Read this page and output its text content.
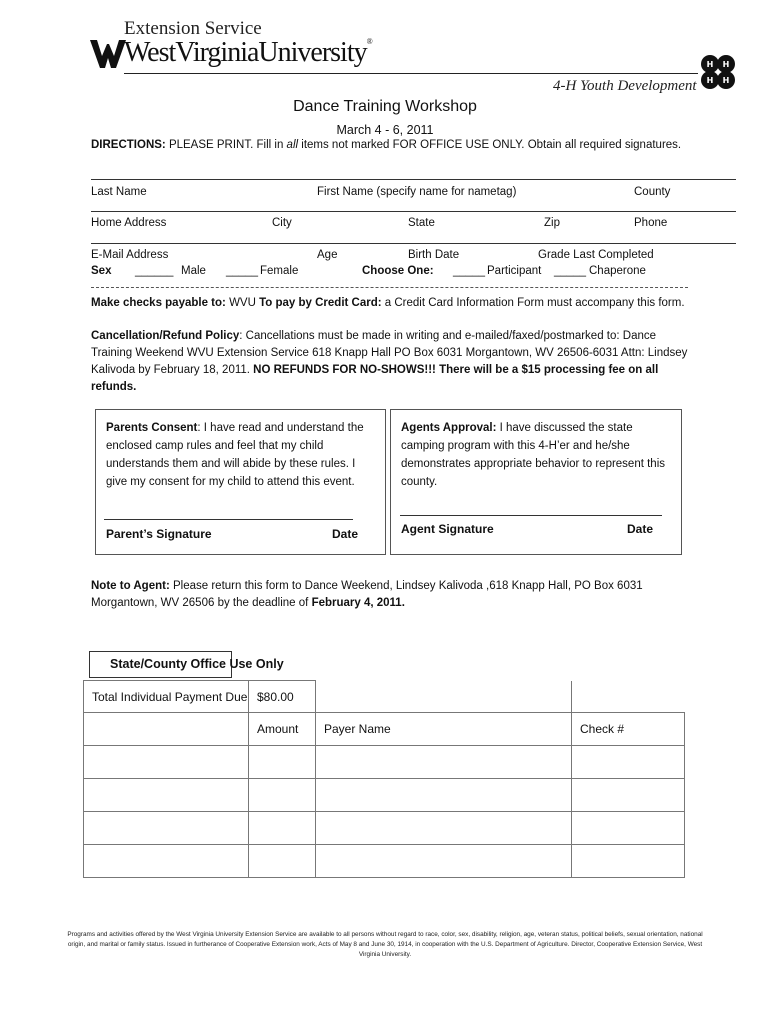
Extension Service
WestVirginiaUniversity®
4-H Youth Development
H H
H H
Dance Training Workshop
March 4 - 6, 2011
DIRECTIONS: PLEASE PRINT. Fill in all items not marked FOR OFFICE USE ONLY. Obtain all required signatures.
Last Name	First Name (specify name for nametag)	County
Home Address	City	State	Zip	Phone
E-Mail Address	Age	Birth Date	Grade Last Completed
Sex ______ Male _____ Female	Choose One: _____ Participant _____ Chaperone
Make checks payable to: WVU To pay by Credit Card: a Credit Card Information Form must accompany this form.
Cancellation/Refund Policy: Cancellations must be made in writing and e-mailed/faxed/postmarked to: Dance Training Weekend WVU Extension Service 618 Knapp Hall PO Box 6031 Morgantown, WV 26506-6031 Attn: Lindsey Kalivoda by February 18, 2011. NO REFUNDS FOR NO-SHOWS!!! There will be a $15 processing fee on all refunds.
Parents Consent: I have read and understand the enclosed camp rules and feel that my child understands them and will abide by these rules. I give my consent for my child to attend this event.
Parent’s Signature	Date
Agents Approval: I have discussed the state camping program with this 4-H’er and he/she demonstrates appropriate behavior to represent this county.
Agent Signature	Date
Note to Agent: Please return this form to Dance Weekend, Lindsey Kalivoda ,618 Knapp Hall, PO Box 6031 Morgantown, WV 26506 by the deadline of February 4, 2011.
State/County Office Use Only
Total Individual Payment Due	$80.00		
	Amount	Payer Name	Check #

Programs and activities offered by the West Virginia University Extension Service are available to all persons without regard to race, color, sex, disability, religion, age, veteran status, political beliefs, sexual orientation, national origin, and marital or family status. Issued in furtherance of Cooperative Extension work, Acts of May 8 and June 30, 1914, in cooperation with the U.S. Department of Agriculture. Director, Cooperative Extension Service, West Virginia University.
